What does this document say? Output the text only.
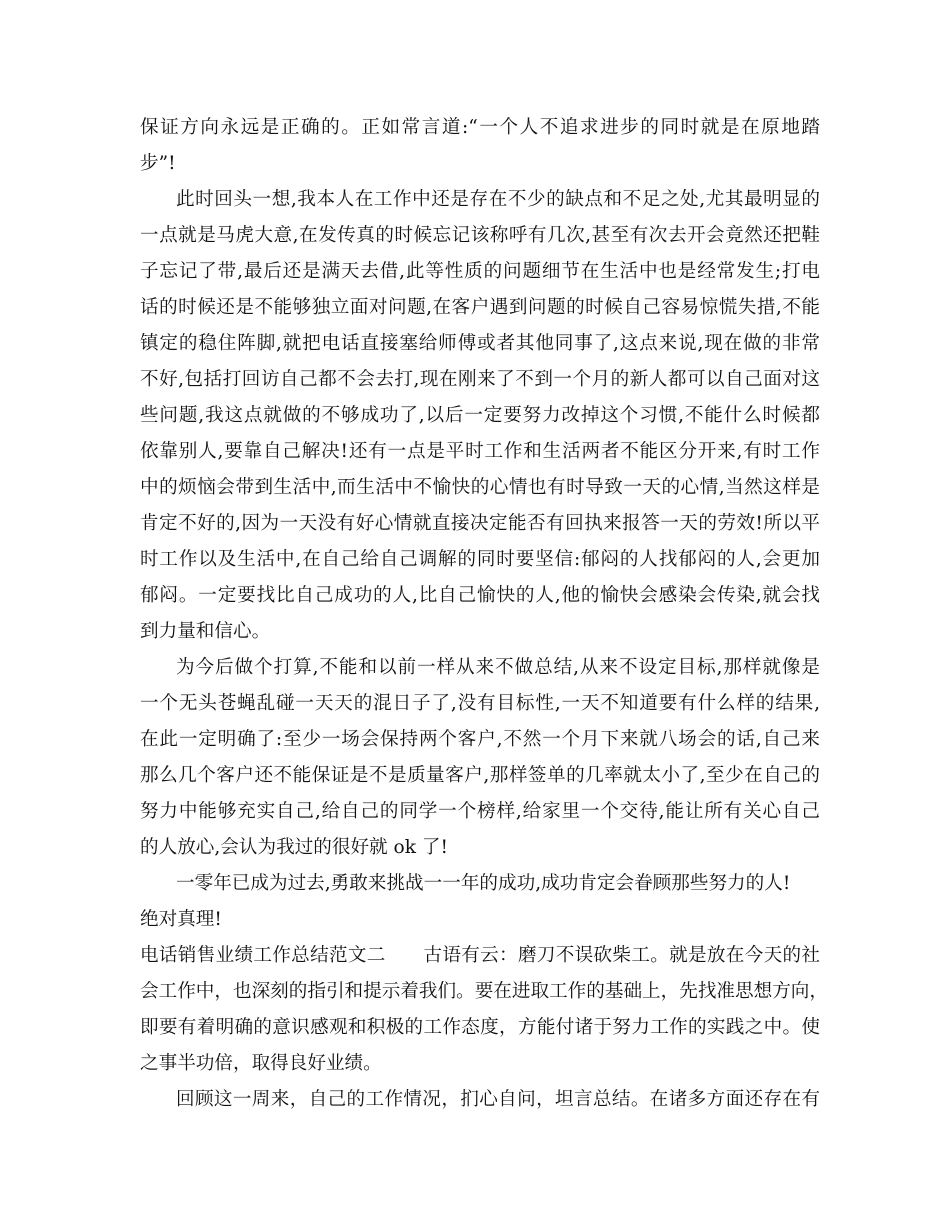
保证方向永远是正确的。正如常言道:“一个人不追求进步的同时就是在原地踏
步”!
此时回头一想,我本人在工作中还是存在不少的缺点和不足之处,尤其最明显的
一点就是马虎大意,在发传真的时候忘记该称呼有几次,甚至有次去开会竟然还把鞋
子忘记了带,最后还是满天去借,此等性质的问题细节在生活中也是经常发生;打电
话的时候还是不能够独立面对问题,在客户遇到问题的时候自己容易惊慌失措,不能
镇定的稳住阵脚,就把电话直接塞给师傅或者其他同事了,这点来说,现在做的非常
不好,包括打回访自己都不会去打,现在刚来了不到一个月的新人都可以自己面对这
些问题,我这点就做的不够成功了,以后一定要努力改掉这个习惯,不能什么时候都
依靠别人,要靠自己解决!还有一点是平时工作和生活两者不能区分开来,有时工作
中的烦恼会带到生活中,而生活中不愉快的心情也有时导致一天的心情,当然这样是
肯定不好的,因为一天没有好心情就直接决定能否有回执来报答一天的劳效!所以平
时工作以及生活中,在自己给自己调解的同时要坚信:郁闷的人找郁闷的人,会更加
郁闷。一定要找比自己成功的人,比自己愉快的人,他的愉快会感染会传染,就会找
到力量和信心。
为今后做个打算,不能和以前一样从来不做总结,从来不设定目标,那样就像是
一个无头苍蝇乱碰一天天的混日子了,没有目标性,一天不知道要有什么样的结果,
在此一定明确了:至少一场会保持两个客户,不然一个月下来就八场会的话,自己来
那么几个客户还不能保证是不是质量客户,那样签单的几率就太小了,至少在自己的
努力中能够充实自己,给自己的同学一个榜样,给家里一个交待,能让所有关心自己
的人放心,会认为我过的很好就 ok 了!
一零年已成为过去,勇敢来挑战一一年的成功,成功肯定会眷顾那些努力的人!
绝对真理!
电话销售业绩工作总结范文二　　古语有云：磨刀不误砍柴工。就是放在今天的社
会工作中，也深刻的指引和提示着我们。要在进取工作的基础上，先找准思想方向，
即要有着明确的意识感观和积极的工作态度，方能付诸于努力工作的实践之中。使
之事半功倍，取得良好业绩。
回顾这一周来，自己的工作情况，扪心自问，坦言总结。在诸多方面还存在有
